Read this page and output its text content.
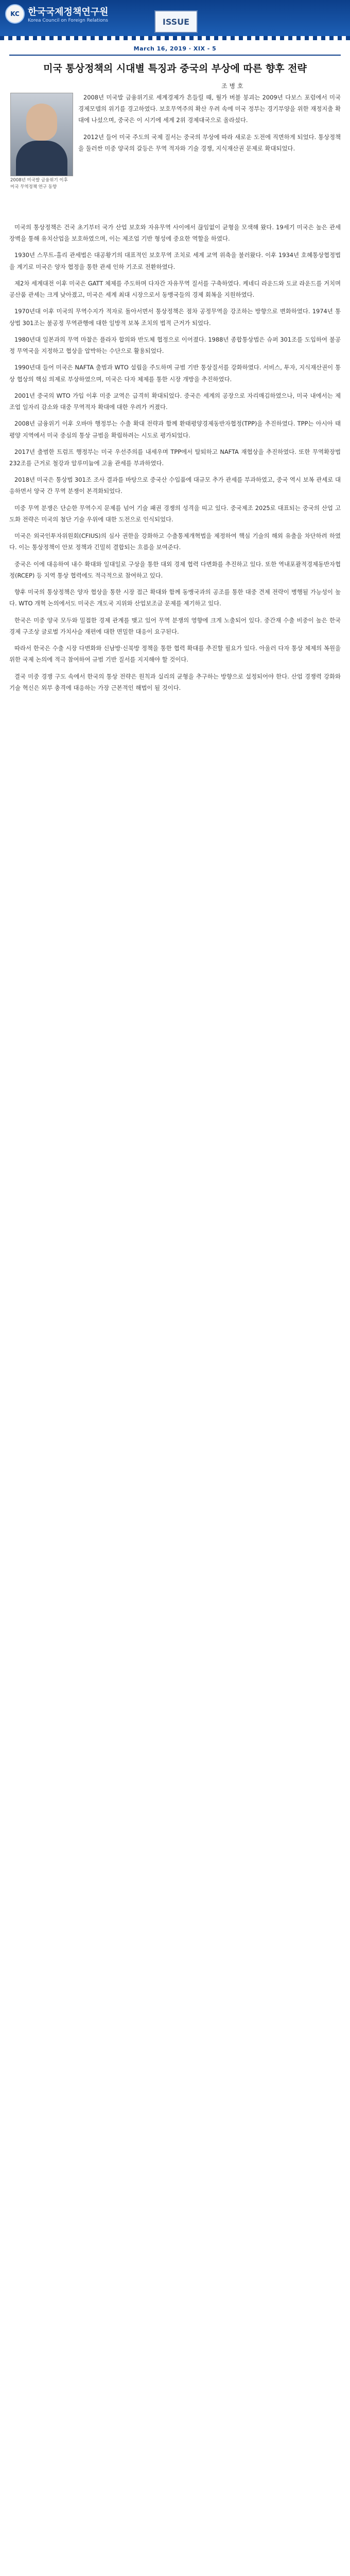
KC 한국국제정책연구원
Korea Council on Foreign Relations	ISSUE
March 16, 2019 · XIX - 5
미국 통상정책의 시대별 특징과 중국의 부상에 따른 향후 전략
조 병 호
2008년 미국발 금융위기 이후 미국 무역정책 연구 동향

2008년 미국발 금융위기로 세계경제가 흔들릴 때, 월가 버블 붕괴는 2009년 다보스 포럼에서 미국 경제모델의 위기를 경고하였다. 보호무역주의 확산 우려 속에 미국 정부는 경기부양을 위한 재정지출 확대에 나섰으며, 중국은 이 시기에 세계 2위 경제대국으로 올라섰다.

2012년 들어 미국 주도의 국제 질서는 중국의 부상에 따라 새로운 도전에 직면하게 되었다. 통상정책을 둘러싼 미중 양국의 갈등은 무역 적자와 기술 경쟁, 지식재산권 문제로 확대되었다.

미국의 통상정책은 건국 초기부터 국가 산업 보호와 자유무역 사이에서 끊임없이 균형을 모색해 왔다. 19세기 미국은 높은 관세 장벽을 통해 유치산업을 보호하였으며, 이는 제조업 기반 형성에 중요한 역할을 하였다.

1930년 스무트-홀리 관세법은 대공황기의 대표적인 보호무역 조치로 세계 교역 위축을 불러왔다. 이후 1934년 호혜통상협정법을 계기로 미국은 양자 협정을 통한 관세 인하 기조로 전환하였다.

제2차 세계대전 이후 미국은 GATT 체제를 주도하며 다자간 자유무역 질서를 구축하였다. 케네디 라운드와 도쿄 라운드를 거치며 공산품 관세는 크게 낮아졌고, 미국은 세계 최대 시장으로서 동맹국들의 경제 회복을 지원하였다.

1970년대 이후 미국의 무역수지가 적자로 돌아서면서 통상정책은 점차 공정무역을 강조하는 방향으로 변화하였다. 1974년 통상법 301조는 불공정 무역관행에 대한 일방적 보복 조치의 법적 근거가 되었다.

1980년대 일본과의 무역 마찰은 플라자 합의와 반도체 협정으로 이어졌다. 1988년 종합통상법은 슈퍼 301조를 도입하여 불공정 무역국을 지정하고 협상을 압박하는 수단으로 활용되었다.

1990년대 들어 미국은 NAFTA 출범과 WTO 설립을 주도하며 규범 기반 통상질서를 강화하였다. 서비스, 투자, 지식재산권이 통상 협상의 핵심 의제로 부상하였으며, 미국은 다자 체제를 통한 시장 개방을 추진하였다.

2001년 중국의 WTO 가입 이후 미중 교역은 급격히 확대되었다. 중국은 세계의 공장으로 자리매김하였으나, 미국 내에서는 제조업 일자리 감소와 대중 무역적자 확대에 대한 우려가 커졌다.

2008년 금융위기 이후 오바마 행정부는 수출 확대 전략과 함께 환태평양경제동반자협정(TPP)을 추진하였다. TPP는 아시아 태평양 지역에서 미국 중심의 통상 규범을 확립하려는 시도로 평가되었다.

2017년 출범한 트럼프 행정부는 미국 우선주의를 내세우며 TPP에서 탈퇴하고 NAFTA 재협상을 추진하였다. 또한 무역확장법 232조를 근거로 철강과 알루미늄에 고율 관세를 부과하였다.

2018년 미국은 통상법 301조 조사 결과를 바탕으로 중국산 수입품에 대규모 추가 관세를 부과하였고, 중국 역시 보복 관세로 대응하면서 양국 간 무역 분쟁이 본격화되었다.

미중 무역 분쟁은 단순한 무역수지 문제를 넘어 기술 패권 경쟁의 성격을 띠고 있다. 중국제조 2025로 대표되는 중국의 산업 고도화 전략은 미국의 첨단 기술 우위에 대한 도전으로 인식되었다.

미국은 외국인투자위원회(CFIUS)의 심사 권한을 강화하고 수출통제개혁법을 제정하여 핵심 기술의 해외 유출을 차단하려 하였다. 이는 통상정책이 안보 정책과 긴밀히 결합되는 흐름을 보여준다.

중국은 이에 대응하여 내수 확대와 일대일로 구상을 통한 대외 경제 협력 다변화를 추진하고 있다. 또한 역내포괄적경제동반자협정(RCEP) 등 지역 통상 협력에도 적극적으로 참여하고 있다.

향후 미국의 통상정책은 양자 협상을 통한 시장 접근 확대와 함께 동맹국과의 공조를 통한 대중 견제 전략이 병행될 가능성이 높다. WTO 개혁 논의에서도 미국은 개도국 지위와 산업보조금 문제를 제기하고 있다.

한국은 미중 양국 모두와 밀접한 경제 관계를 맺고 있어 무역 분쟁의 영향에 크게 노출되어 있다. 중간재 수출 비중이 높은 한국 경제 구조상 글로벌 가치사슬 재편에 대한 면밀한 대응이 요구된다.

따라서 한국은 수출 시장 다변화와 신남방·신북방 정책을 통한 협력 확대를 추진할 필요가 있다. 아울러 다자 통상 체제의 복원을 위한 국제 논의에 적극 참여하여 규범 기반 질서를 지지해야 할 것이다.

결국 미중 경쟁 구도 속에서 한국의 통상 전략은 원칙과 실리의 균형을 추구하는 방향으로 설정되어야 한다. 산업 경쟁력 강화와 기술 혁신은 외부 충격에 대응하는 가장 근본적인 해법이 될 것이다.
